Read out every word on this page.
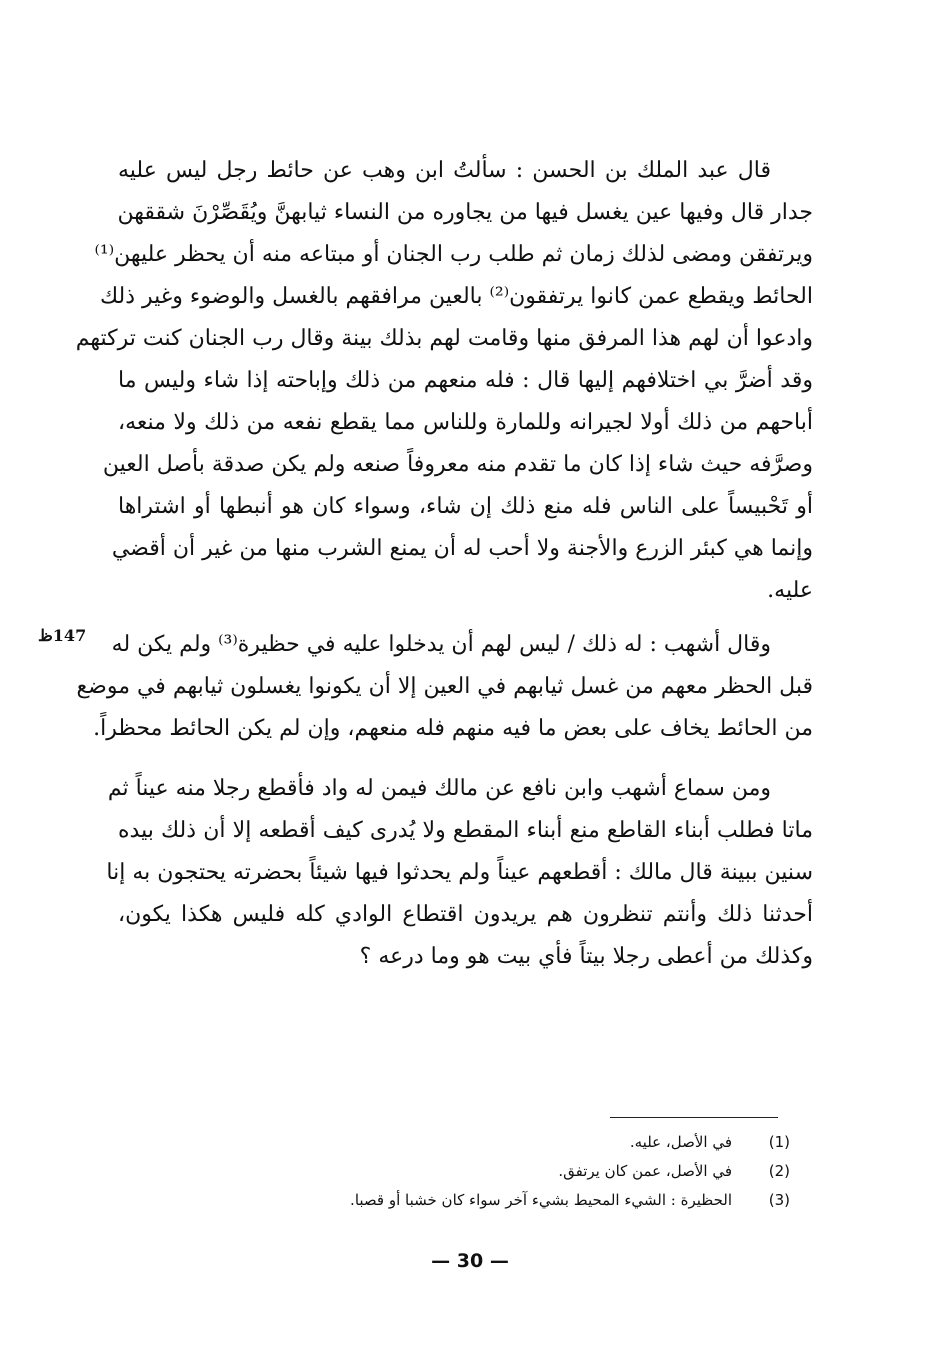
قال عبد الملك بن الحسن : سألتُ ابن وهب عن حائط رجل ليس عليه
جدار قال وفيها عين يغسل فيها من يجاوره من النساء ثيابهنَّ ويُقَصِّرْنَ شققهن
ويرتفقن ومضى لذلك زمان ثم طلب رب الجنان أو مبتاعه منه أن يحظر عليهن⁽¹⁾
الحائط ويقطع عمن كانوا يرتفقون⁽²⁾ بالعين مرافقهم بالغسل والوضوء وغير ذلك
وادعوا أن لهم هذا المرفق منها وقامت لهم بذلك بينة وقال رب الجنان كنت تركتهم
وقد أضرَّ بي اختلافهم إليها قال : فله منعهم من ذلك وإباحته إذا شاء وليس ما
أباحهم من ذلك أولا لجيرانه وللمارة وللناس مما يقطع نفعه من ذلك ولا منعه،
وصرَّفه حيث شاء إذا كان ما تقدم منه معروفاً صنعه ولم يكن صدقة بأصل العين
أو تَحْبيساً على الناس فله منع ذلك إن شاء، وسواء كان هو أنبطها أو اشتراها
وإنما هي كبئر الزرع والأجنة ولا أحب له أن يمنع الشرب منها من غير أن أقضي
عليه.
147ظ وقال أشهب : له ذلك / ليس لهم أن يدخلوا عليه في حظيرة⁽³⁾ ولم يكن له
قبل الحظر معهم من غسل ثيابهم في العين إلا أن يكونوا يغسلون ثيابهم في موضع
من الحائط يخاف على بعض ما فيه منهم فله منعهم، وإن لم يكن الحائط محظراً.
ومن سماع أشهب وابن نافع عن مالك فيمن له واد فأقطع رجلا منه عيناً ثم
ماتا فطلب أبناء القاطع منع أبناء المقطع ولا يُدرى كيف أقطعه إلا أن ذلك بيده
سنين ببينة قال مالك : أقطعهم عيناً ولم يحدثوا فيها شيئاً بحضرته يحتجون به إنا
أحدثنا ذلك وأنتم تنظرون هم يريدون اقتطاع الوادي كله فليس هكذا يكون،
وكذلك من أعطى رجلا بيتاً فأي بيت هو وما درعه ؟
(1)
في الأصل، عليه.
(2)
في الأصل، عمن كان يرتفق.
(3)
الحظيرة : الشيء المحيط بشيء آخر سواء كان خشبا أو قصبا.
— 30 —
